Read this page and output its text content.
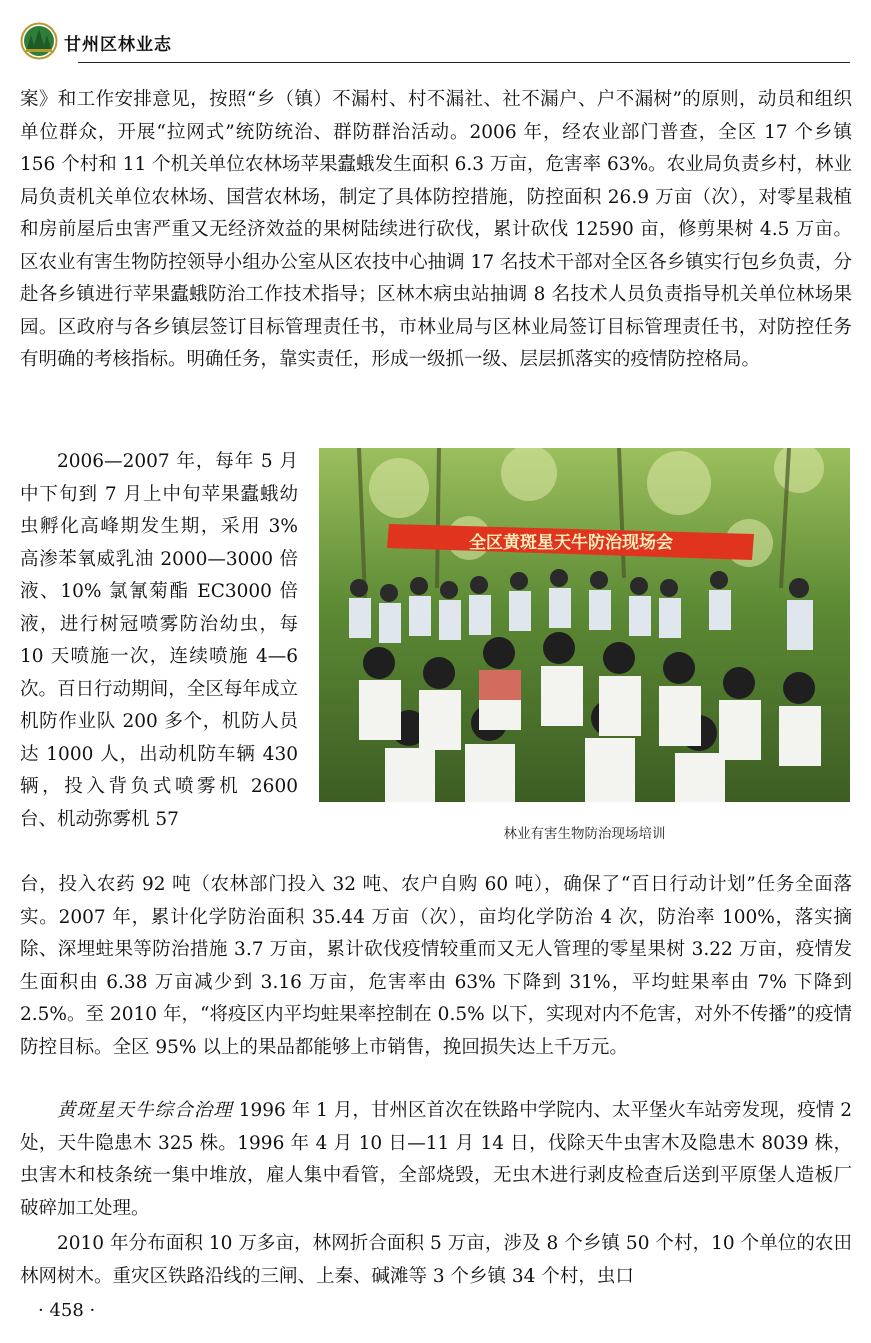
甘州区林业志

案》和工作安排意见，按照“乡（镇）不漏村、村不漏社、社不漏户、户不漏树”的原则，动员和组织单位群众，开展“拉网式”统防统治、群防群治活动。2006 年，经农业部门普查，全区 17 个乡镇 156 个村和 11 个机关单位农林场苹果蠹蛾发生面积 6.3 万亩，危害率 63%。农业局负责乡村，林业局负责机关单位农林场、国营农林场，制定了具体防控措施，防控面积 26.9 万亩（次），对零星栽植和房前屋后虫害严重又无经济效益的果树陆续进行砍伐，累计砍伐 12590 亩，修剪果树 4.5 万亩。区农业有害生物防控领导小组办公室从区农技中心抽调 17 名技术干部对全区各乡镇实行包乡负责，分赴各乡镇进行苹果蠹蛾防治工作技术指导；区林木病虫站抽调 8 名技术人员负责指导机关单位林场果园。区政府与各乡镇层签订目标管理责任书，市林业局与区林业局签订目标管理责任书，对防控任务有明确的考核指标。明确任务，靠实责任，形成一级抓一级、层层抓落实的疫情防控格局。

2006—2007 年，每年 5 月中下旬到 7 月上中旬苹果蠹蛾幼虫孵化高峰期发生期，采用 3% 高渗苯氧威乳油 2000—3000 倍液、10% 氯氰菊酯 EC3000 倍液，进行树冠喷雾防治幼虫，每 10 天喷施一次，连续喷施 4—6 次。百日行动期间，全区每年成立机防作业队 200 多个，机防人员达 1000 人，出动机防车辆 430 辆，投入背负式喷雾机 2600 台、机动弥雾机 57

全区黄斑星天牛防治现场会
林业有害生物防治现场培训

台，投入农药 92 吨（农林部门投入 32 吨、农户自购 60 吨），确保了“百日行动计划”任务全面落实。2007 年，累计化学防治面积 35.44 万亩（次），亩均化学防治 4 次，防治率 100%，落实摘除、深埋蛀果等防治措施 3.7 万亩，累计砍伐疫情较重而又无人管理的零星果树 3.22 万亩，疫情发生面积由 6.38 万亩减少到 3.16 万亩，危害率由 63% 下降到 31%，平均蛀果率由 7% 下降到 2.5%。至 2010 年，“将疫区内平均蛀果率控制在 0.5% 以下，实现对内不危害，对外不传播”的疫情防控目标。全区 95% 以上的果品都能够上市销售，挽回损失达上千万元。

黄斑星天牛综合治理 1996 年 1 月，甘州区首次在铁路中学院内、太平堡火车站旁发现，疫情 2 处，天牛隐患木 325 株。1996 年 4 月 10 日—11 月 14 日，伐除天牛虫害木及隐患木 8039 株，虫害木和枝条统一集中堆放，雇人集中看管，全部烧毁，无虫木进行剥皮检查后送到平原堡人造板厂破碎加工处理。

2010 年分布面积 10 万多亩，林网折合面积 5 万亩，涉及 8 个乡镇 50 个村，10 个单位的农田林网树木。重灾区铁路沿线的三闸、上秦、碱滩等 3 个乡镇 34 个村，虫口

· 458 ·
